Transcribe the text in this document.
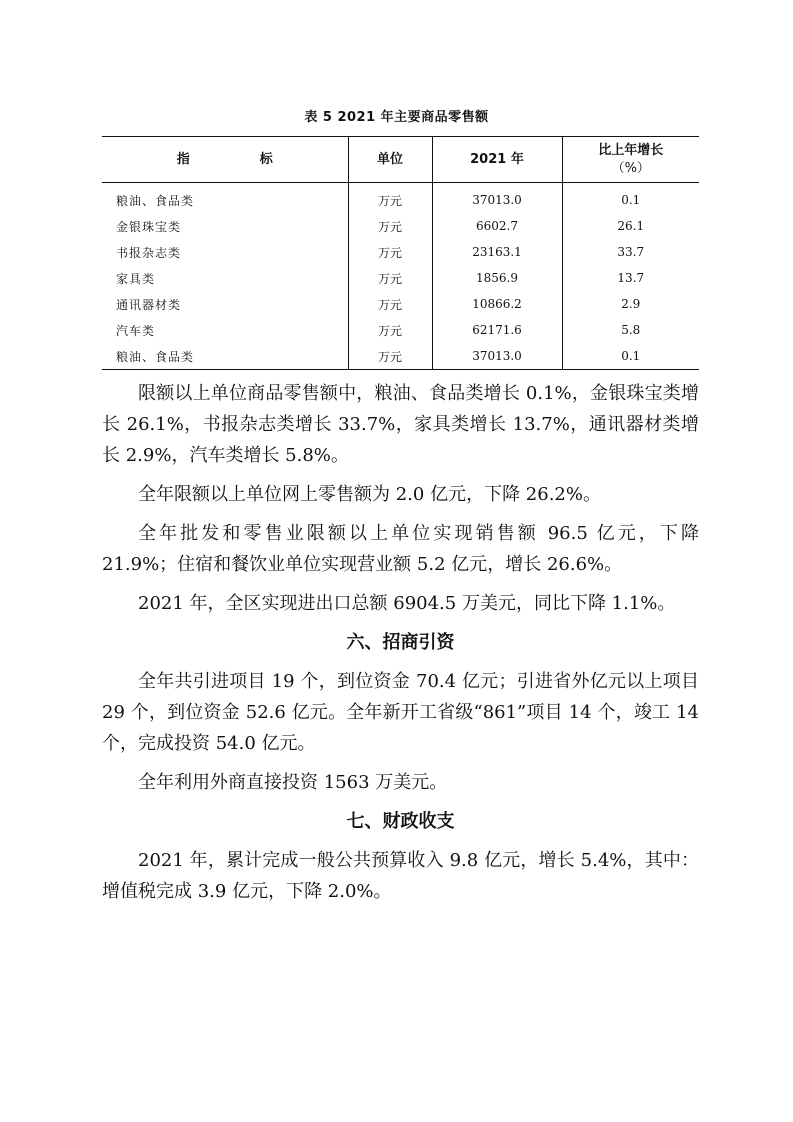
表 5 2021 年主要商品零售额
指 标	单位	2021 年	比上年增长
（%）

粮油、食品类	万元	37013.0	0.1
金银珠宝类	万元	6602.7	26.1
书报杂志类	万元	23163.1	33.7
家具类	万元	1856.9	13.7
通讯器材类	万元	10866.2	2.9
汽车类	万元	62171.6	5.8
粮油、食品类	万元	37013.0	0.1

限额以上单位商品零售额中，粮油、食品类增长 0.1%，金银珠宝类增长 26.1%，书报杂志类增长 33.7%，家具类增长 13.7%，通讯器材类增长 2.9%，汽车类增长 5.8%。

全年限额以上单位网上零售额为 2.0 亿元，下降 26.2%。

全年批发和零售业限额以上单位实现销售额 96.5 亿元，下降 21.9%；住宿和餐饮业单位实现营业额 5.2 亿元，增长 26.6%。

2021 年，全区实现进出口总额 6904.5 万美元，同比下降 1.1%。

六、招商引资

全年共引进项目 19 个，到位资金 70.4 亿元；引进省外亿元以上项目 29 个，到位资金 52.6 亿元。全年新开工省级“861”项目 14 个，竣工 14 个，完成投资 54.0 亿元。

全年利用外商直接投资 1563 万美元。

七、财政收支

2021 年，累计完成一般公共预算收入 9.8 亿元，增长 5.4%，其中：增值税完成 3.9 亿元，下降 2.0%。
